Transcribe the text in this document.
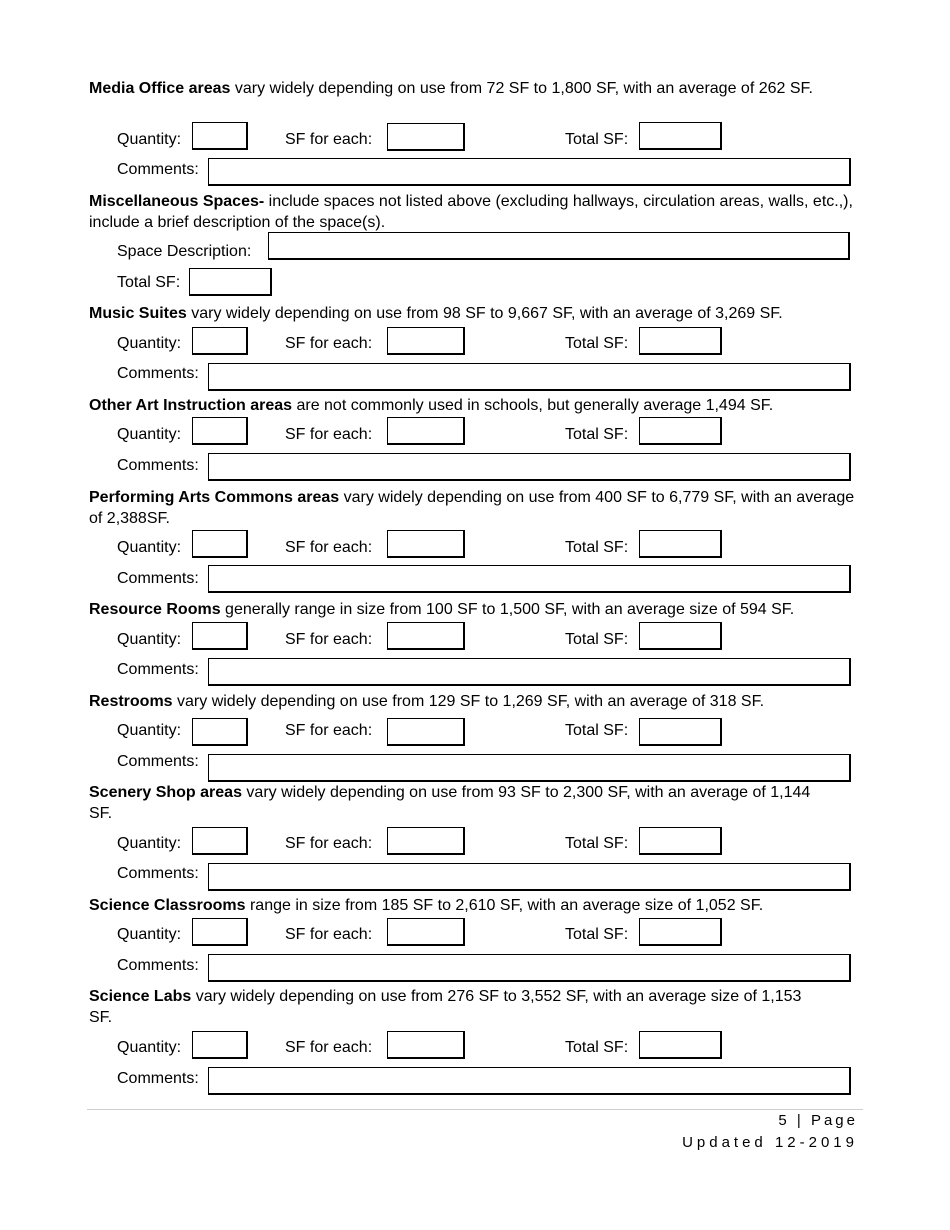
Media Office areas vary widely depending on use from 72 SF to 1,800 SF, with an average of 262 SF.

Quantity:	SF for each:	Total SF:
Comments:

Miscellaneous Spaces- include spaces not listed above (excluding hallways, circulation areas, walls, etc.,), include a brief description of the space(s).

Space Description:
Total SF:

Music Suites vary widely depending on use from 98 SF to 9,667 SF, with an average of 3,269 SF.

Quantity:	SF for each:	Total SF:
Comments:

Other Art Instruction areas are not commonly used in schools, but generally average 1,494 SF.

Quantity:	SF for each:	Total SF:
Comments:

Performing Arts Commons areas vary widely depending on use from 400 SF to 6,779 SF, with an average of 2,388SF.

Quantity:	SF for each:	Total SF:
Comments:

Resource Rooms generally range in size from 100 SF to 1,500 SF, with an average size of 594 SF.

Quantity:	SF for each:	Total SF:
Comments:

Restrooms vary widely depending on use from 129 SF to 1,269 SF, with an average of 318 SF.

Quantity:	SF for each:	Total SF:
Comments:

Scenery Shop areas vary widely depending on use from 93 SF to 2,300 SF, with an average of 1,144 SF.

Quantity:	SF for each:	Total SF:
Comments:

Science Classrooms range in size from 185 SF to 2,610 SF, with an average size of 1,052 SF.

Quantity:	SF for each:	Total SF:
Comments:

Science Labs vary widely depending on use from 276 SF to 3,552 SF, with an average size of 1,153 SF.

Quantity:	SF for each:	Total SF:
Comments:
5 | Page
Updated 12-2019
